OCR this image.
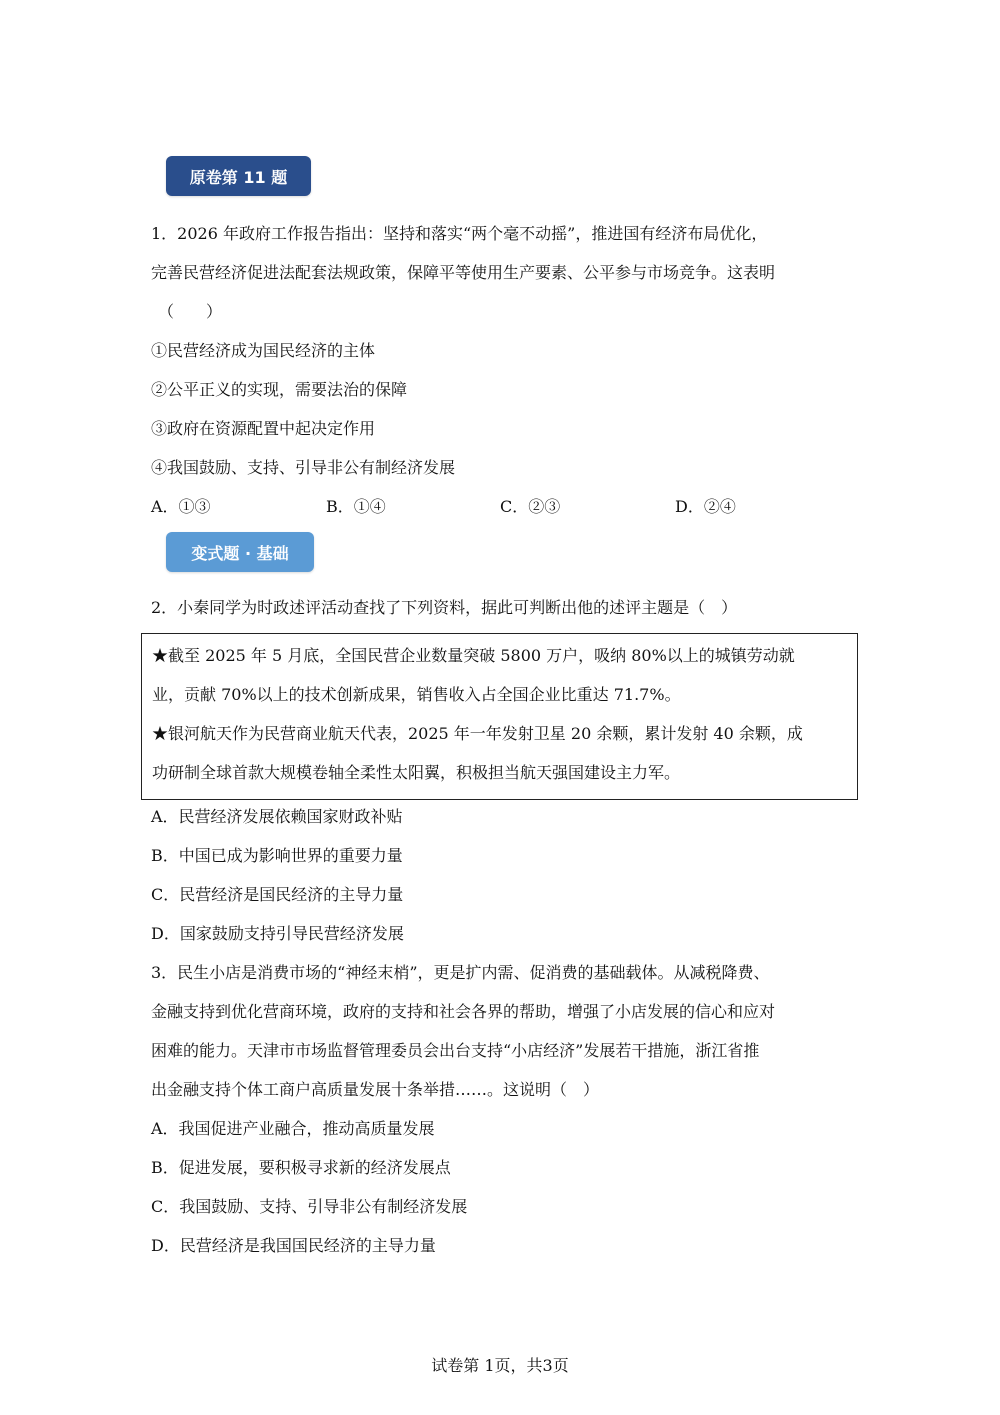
原卷第 11 题
1．2026 年政府工作报告指出：坚持和落实“两个毫不动摇”，推进国有经济布局优化，
完善民营经济促进法配套法规政策，保障平等使用生产要素、公平参与市场竞争。这表明
（　　）
①民营经济成为国民经济的主体
②公平正义的实现，需要法治的保障
③政府在资源配置中起决定作用
④我国鼓励、支持、引导非公有制经济发展
A．①③	B．①④	C．②③	D．②④
变式题 · 基础
2．小秦同学为时政述评活动查找了下列资料，据此可判断出他的述评主题是（　）
★截至 2025 年 5 月底，全国民营企业数量突破 5800 万户，吸纳 80%以上的城镇劳动就
业，贡献 70%以上的技术创新成果，销售收入占全国企业比重达 71.7%。
★银河航天作为民营商业航天代表，2025 年一年发射卫星 20 余颗，累计发射 40 余颗，成
功研制全球首款大规模卷轴全柔性太阳翼，积极担当航天强国建设主力军。
A．民营经济发展依赖国家财政补贴
B．中国已成为影响世界的重要力量
C．民营经济是国民经济的主导力量
D．国家鼓励支持引导民营经济发展
3．民生小店是消费市场的“神经末梢”，更是扩内需、促消费的基础载体。从减税降费、
金融支持到优化营商环境，政府的支持和社会各界的帮助，增强了小店发展的信心和应对
困难的能力。天津市市场监督管理委员会出台支持“小店经济”发展若干措施，浙江省推
出金融支持个体工商户高质量发展十条举措……。这说明（　）
A．我国促进产业融合，推动高质量发展
B．促进发展，要积极寻求新的经济发展点
C．我国鼓励、支持、引导非公有制经济发展
D．民营经济是我国国民经济的主导力量
试卷第 1页，共3页
